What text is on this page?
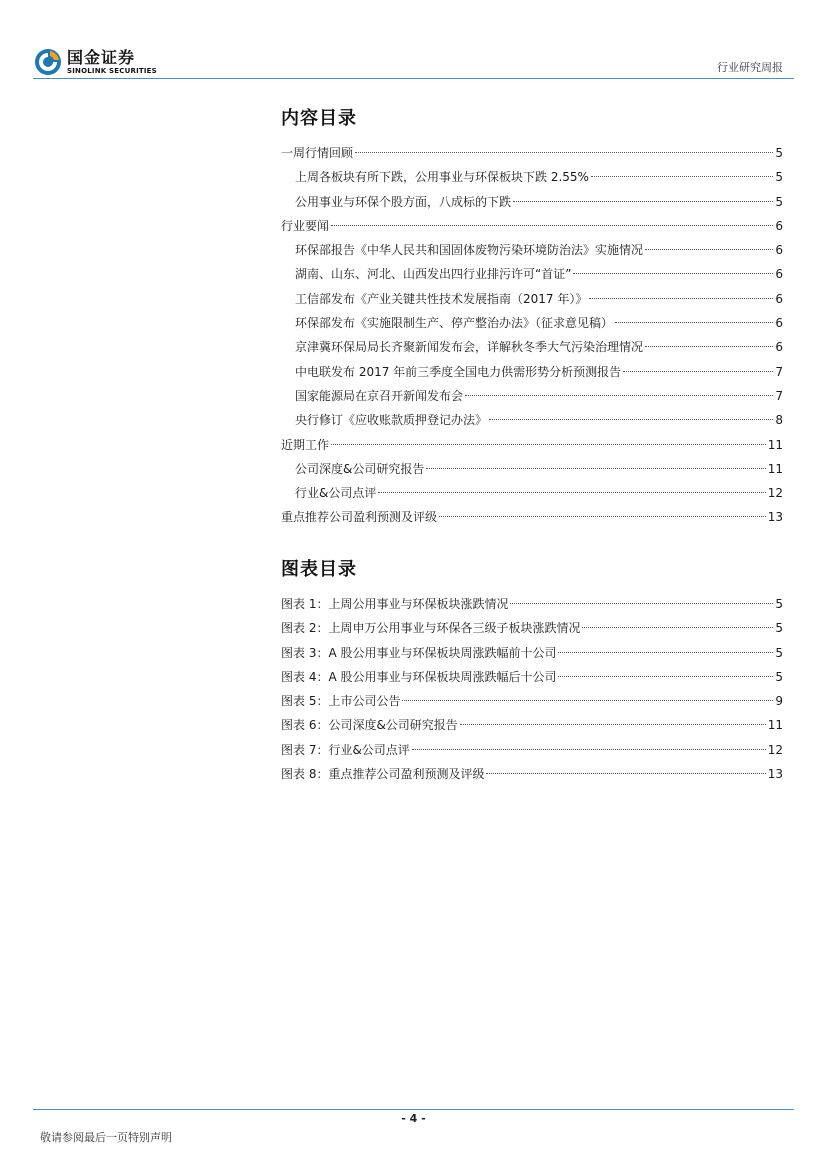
国金证券
SINOLINK SECURITIES	行业研究周报
内容目录
一周行情回顾	5
上周各板块有所下跌，公用事业与环保板块下跌 2.55%	5
公用事业与环保个股方面，八成标的下跌	5
行业要闻	6
环保部报告《中华人民共和国固体废物污染环境防治法》实施情况	6
湖南、山东、河北、山西发出四行业排污许可“首证”	6
工信部发布《产业关键共性技术发展指南（2017 年）》	6
环保部发布《实施限制生产、停产整治办法》（征求意见稿）	6
京津冀环保局局长齐聚新闻发布会，详解秋冬季大气污染治理情况	6
中电联发布 2017 年前三季度全国电力供需形势分析预测报告	7
国家能源局在京召开新闻发布会	7
央行修订《应收账款质押登记办法》	8
近期工作	11
公司深度&公司研究报告	11
行业&公司点评	12
重点推荐公司盈利预测及评级	13
图表目录
图表 1：上周公用事业与环保板块涨跌情况	5
图表 2：上周申万公用事业与环保各三级子板块涨跌情况	5
图表 3：A 股公用事业与环保板块周涨跌幅前十公司	5
图表 4：A 股公用事业与环保板块周涨跌幅后十公司	5
图表 5：上市公司公告	9
图表 6：公司深度&公司研究报告	11
图表 7：行业&公司点评	12
图表 8：重点推荐公司盈利预测及评级	13
- 4 -
敬请参阅最后一页特别声明
